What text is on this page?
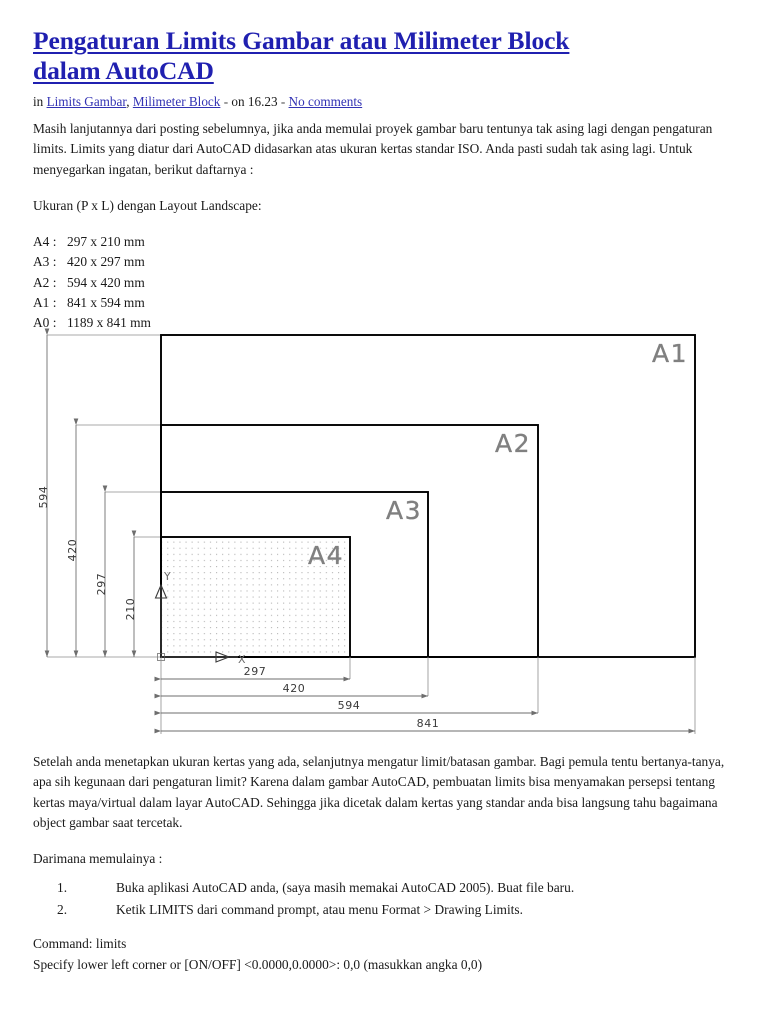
Pengaturan Limits Gambar atau Milimeter Block
dalam AutoCAD
in Limits Gambar, Milimeter Block - on 16.23 - No comments

Masih lanjutannya dari posting sebelumnya, jika anda memulai proyek gambar baru tentunya tak asing lagi dengan pengaturan limits. Limits yang diatur dari AutoCAD didasarkan atas ukuran kertas standar ISO. Anda pasti sudah tak asing lagi. Untuk menyegarkan ingatan, berikut daftarnya :

Ukuran (P x L) dengan Layout Landscape:

A4 : 297 x 210 mm
A3 : 420 x 297 mm
A2 : 594 x 420 mm
A1 : 841 x 594 mm
A0 : 1189 x 841 mm
594
420
297
210
A1
A2
A3
A4
Y
X
297
420
594
841

Setelah anda menetapkan ukuran kertas yang ada, selanjutnya mengatur limit/batasan gambar. Bagi pemula tentu bertanya-tanya, apa sih kegunaan dari pengaturan limit? Karena dalam gambar AutoCAD, pembuatan limits bisa menyamakan persepsi tentang kertas maya/virtual dalam layar AutoCAD. Sehingga jika dicetak dalam kertas yang standar anda bisa langsung tahu bagaimana object gambar saat tercetak.

Darimana memulainya :

1.	Buka aplikasi AutoCAD anda, (saya masih memakai AutoCAD 2005). Buat file baru.
2.	Ketik LIMITS dari command prompt, atau menu Format > Drawing Limits.
Command: limits
Specify lower left corner or [ON/OFF] <0.0000,0.0000>: 0,0 (masukkan angka 0,0)
